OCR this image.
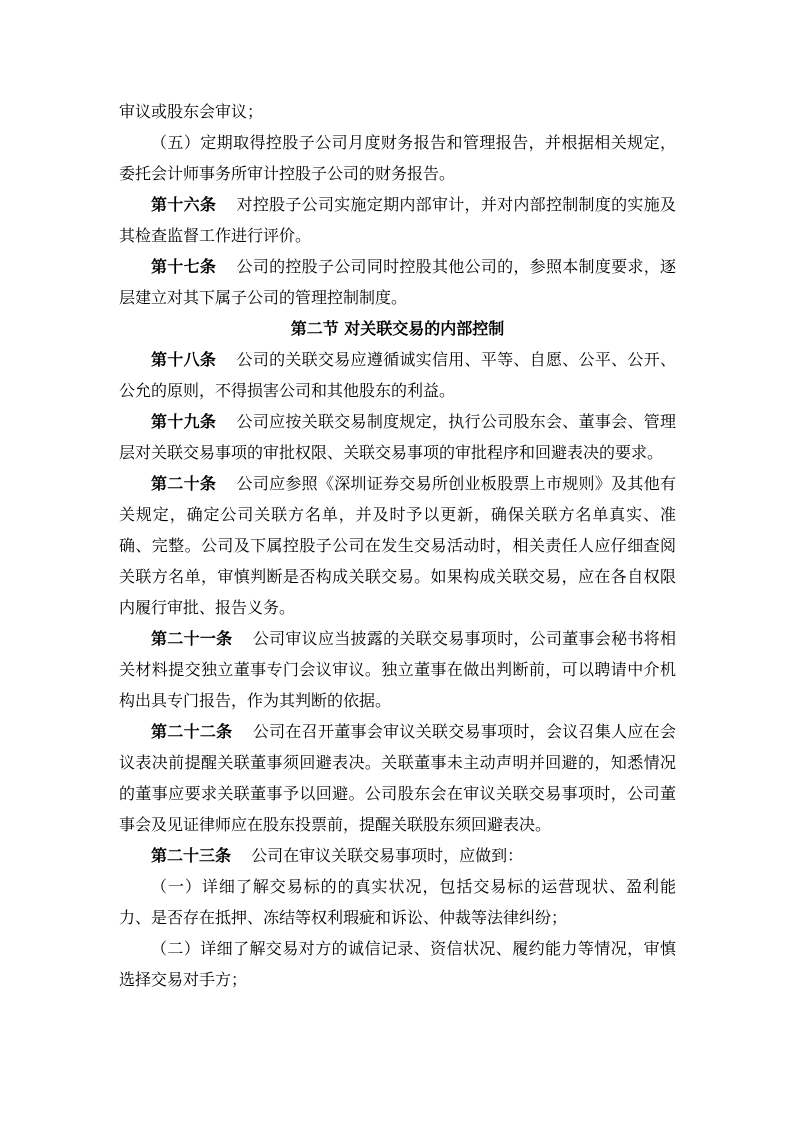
审议或股东会审议；

（五）定期取得控股子公司月度财务报告和管理报告，并根据相关规定，委托会计师事务所审计控股子公司的财务报告。

第十六条 对控股子公司实施定期内部审计，并对内部控制制度的实施及其检查监督工作进行评价。

第十七条 公司的控股子公司同时控股其他公司的，参照本制度要求，逐层建立对其下属子公司的管理控制制度。

第二节 对关联交易的内部控制

第十八条 公司的关联交易应遵循诚实信用、平等、自愿、公平、公开、公允的原则，不得损害公司和其他股东的利益。

第十九条 公司应按关联交易制度规定，执行公司股东会、董事会、管理层对关联交易事项的审批权限、关联交易事项的审批程序和回避表决的要求。

第二十条 公司应参照《深圳证券交易所创业板股票上市规则》及其他有关规定，确定公司关联方名单，并及时予以更新，确保关联方名单真实、准确、完整。公司及下属控股子公司在发生交易活动时，相关责任人应仔细查阅关联方名单，审慎判断是否构成关联交易。如果构成关联交易，应在各自权限内履行审批、报告义务。

第二十一条 公司审议应当披露的关联交易事项时，公司董事会秘书将相关材料提交独立董事专门会议审议。独立董事在做出判断前，可以聘请中介机构出具专门报告，作为其判断的依据。

第二十二条 公司在召开董事会审议关联交易事项时，会议召集人应在会议表决前提醒关联董事须回避表决。关联董事未主动声明并回避的，知悉情况的董事应要求关联董事予以回避。公司股东会在审议关联交易事项时，公司董事会及见证律师应在股东投票前，提醒关联股东须回避表决。

第二十三条 公司在审议关联交易事项时，应做到：

（一）详细了解交易标的的真实状况，包括交易标的运营现状、盈利能力、是否存在抵押、冻结等权利瑕疵和诉讼、仲裁等法律纠纷；

（二）详细了解交易对方的诚信记录、资信状况、履约能力等情况，审慎选择交易对手方；
